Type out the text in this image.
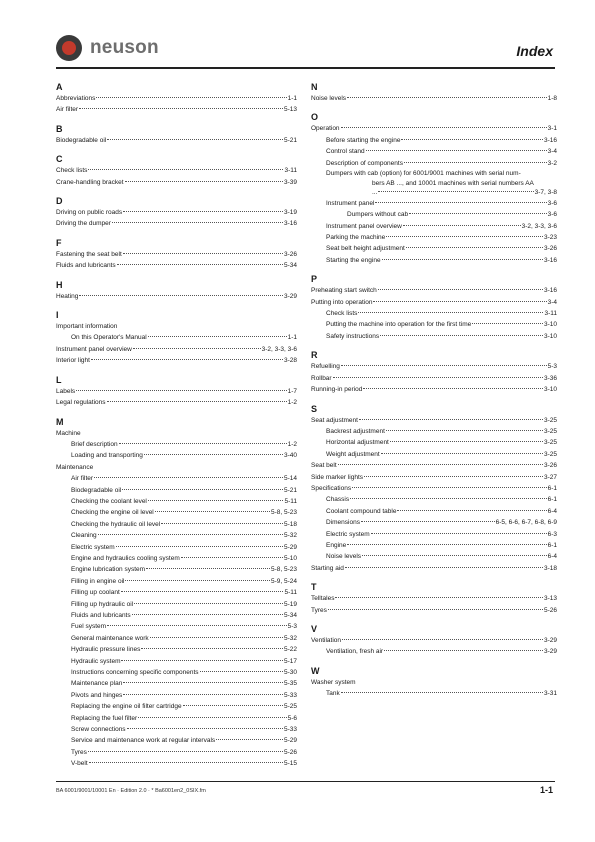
neuson	Index
A
Abbreviations	1-1
Air filter	5-13
B
Biodegradable oil	5-21
C
Check lists	3-11
Crane-handling bracket	3-39
D
Driving on public roads	3-19
Driving the dumper	3-16
F
Fastening the seat belt	3-26
Fluids and lubricants	5-34
H
Heating	3-29
I
Important information
On this Operator's Manual	1-1
Instrument panel overview	3-2, 3-3, 3-6
Interior light	3-28
L
Labels	1-7
Legal regulations	1-2
M
Machine
Brief description	1-2
Loading and transporting	3-40
Maintenance
Air filter	5-14
Biodegradable oil	5-21
Checking the coolant level	5-11
Checking the engine oil level	5-8, 5-23
Checking the hydraulic oil level	5-18
Cleaning	5-32
Electric system	5-29
Engine and hydraulics cooling system	5-10
Engine lubrication system	5-8, 5-23
Filling in engine oil	5-9, 5-24
Filling up coolant	5-11
Filling up hydraulic oil	5-19
Fluids and lubricants	5-34
Fuel system	5-3
General maintenance work	5-32
Hydraulic pressure lines	5-22
Hydraulic system	5-17
Instructions concerning specific components	5-30
Maintenance plan	5-35
Pivots and hinges	5-33
Replacing the engine oil filter cartridge	5-25
Replacing the fuel filter	5-6
Screw connections	5-33
Service and maintenance work at regular intervals	5-29
Tyres	5-26
V-belt	5-15
N
Noise levels	1-8
O
Operation	3-1
Before starting the engine	3-16
Control stand	3-4
Description of components	3-2
Dumpers with cab (option) for 6001/9001 machines with serial num-
bers AB ..., and 10001 machines with serial numbers AA
...	3-7, 3-8
Instrument panel	3-6
Dumpers without cab	3-6
Instrument panel overview	3-2, 3-3, 3-6
Parking the machine	3-23
Seat belt height adjustment	3-26
Starting the engine	3-16
P
Preheating start switch	3-16
Putting into operation	3-4
Check lists	3-11
Putting the machine into operation for the first time	3-10
Safety instructions	3-10
R
Refuelling	5-3
Rollbar	3-36
Running-in period	3-10
S
Seat adjustment	3-25
Backrest adjustment	3-25
Horizontal adjustment	3-25
Weight adjustment	3-25
Seat belt	3-26
Side marker lights	3-27
Specifications	6-1
Chassis	6-1
Coolant compound table	6-4
Dimensions	6-5, 6-6, 6-7, 6-8, 6-9
Electric system	6-3
Engine	6-1
Noise levels	6-4
Starting aid	3-18
T
Telltales	3-13
Tyres	5-26
V
Ventilation	3-29
Ventilation, fresh air	3-29
W
Washer system
Tank	3-31
BA 6001/9001/10001 En · Edition 2.0 · * Ba6001en2_0SIX.fm	1-1
